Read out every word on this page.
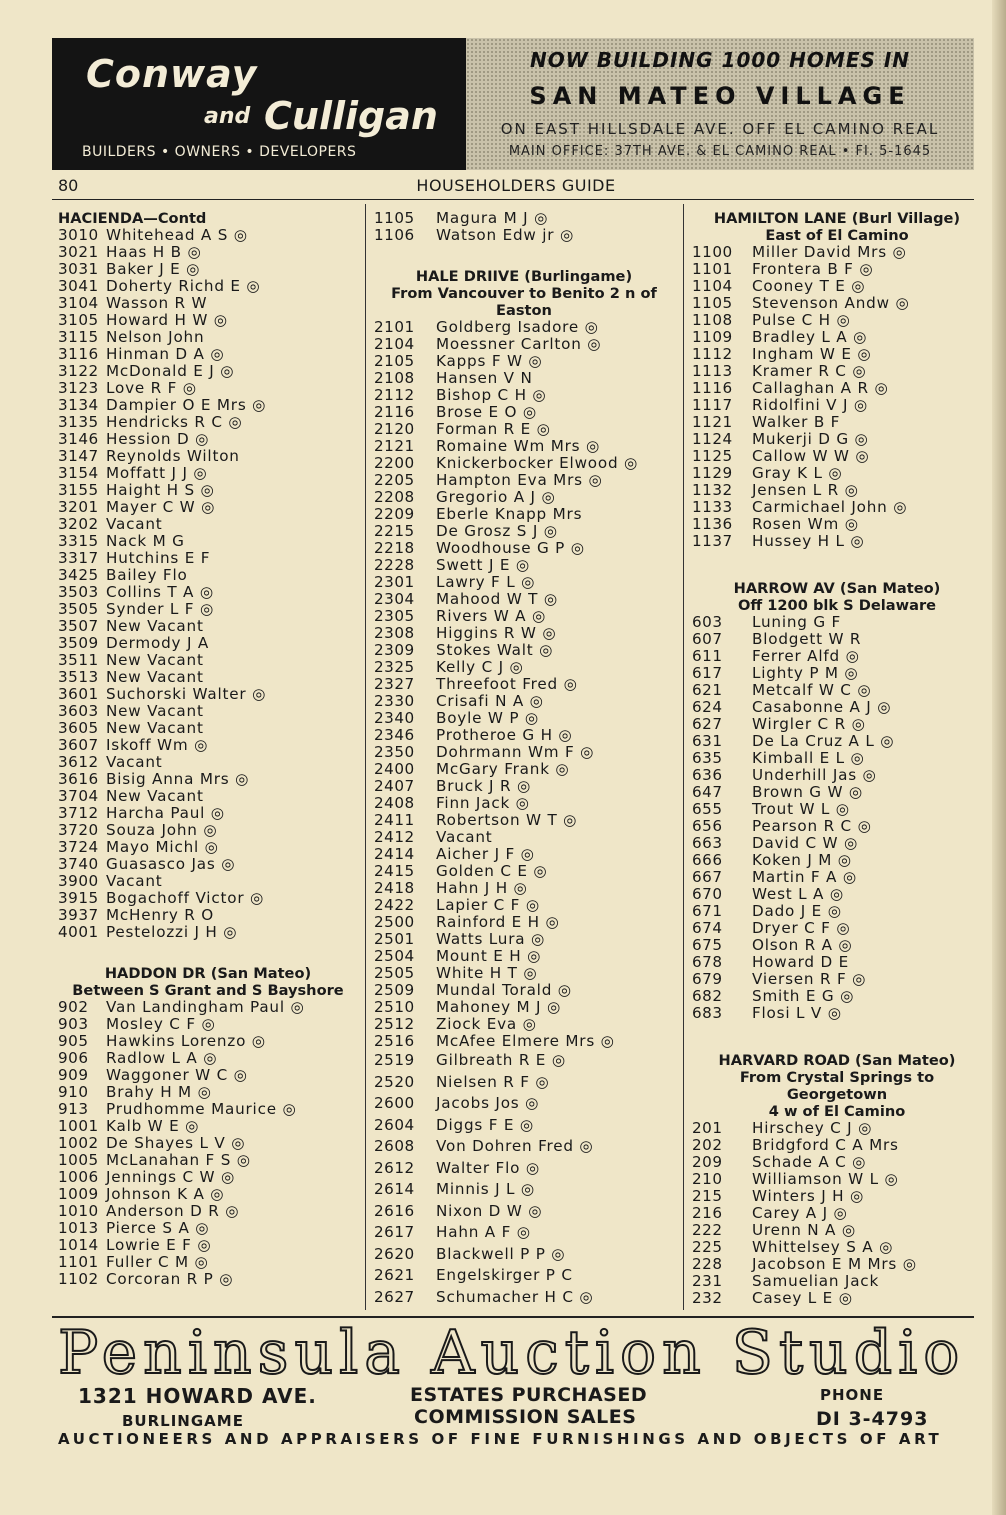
Conway
and Culligan
BUILDERS • OWNERS • DEVELOPERS
NOW BUILDING 1000 HOMES IN
SAN MATEO VILLAGE
ON EAST HILLSDALE AVE. OFF EL CAMINO REAL
MAIN OFFICE: 37TH AVE. & EL CAMINO REAL • FI. 5-1645
80	HOUSEHOLDERS GUIDE
HACIENDA—Contd
3010 Whitehead A S ◎
3021 Haas H B ◎
3031 Baker J E ◎
3041 Doherty Richd E ◎
3104 Wasson R W
3105 Howard H W ◎
3115 Nelson John
3116 Hinman D A ◎
3122 McDonald E J ◎
3123 Love R F ◎
3134 Dampier O E Mrs ◎
3135 Hendricks R C ◎
3146 Hession D ◎
3147 Reynolds Wilton
3154 Moffatt J J ◎
3155 Haight H S ◎
3201 Mayer C W ◎
3202 Vacant
3315 Nack M G
3317 Hutchins E F
3425 Bailey Flo
3503 Collins T A ◎
3505 Synder L F ◎
3507 New Vacant
3509 Dermody J A
3511 New Vacant
3513 New Vacant
3601 Suchorski Walter ◎
3603 New Vacant
3605 New Vacant
3607 Iskoff Wm ◎
3612 Vacant
3616 Bisig Anna Mrs ◎
3704 New Vacant
3712 Harcha Paul ◎
3720 Souza John ◎
3724 Mayo Michl ◎
3740 Guasasco Jas ◎
3900 Vacant
3915 Bogachoff Victor ◎
3937 McHenry R O
4001 Pestelozzi J H ◎
HADDON DR (San Mateo)
Between S Grant and S Bayshore
902	Van Landingham Paul ◎
903	Mosley C F ◎
905	Hawkins Lorenzo ◎
906	Radlow L A ◎
909	Waggoner W C ◎
910	Brahy H M ◎
913	Prudhomme Maurice ◎
1001 Kalb W E ◎
1002 De Shayes L V ◎
1005 McLanahan F S ◎
1006 Jennings C W ◎
1009 Johnson K A ◎
1010 Anderson D R ◎
1013 Pierce S A ◎
1014 Lowrie E F ◎
1101 Fuller C M ◎
1102 Corcoran R P ◎
1105	Magura M J ◎
1106	Watson Edw jr ◎
HALE DRIIVE (Burlingame)
From Vancouver to Benito 2 n of
Easton
2101	Goldberg Isadore ◎
2104	Moessner Carlton ◎
2105	Kapps F W ◎
2108	Hansen V N
2112	Bishop C H ◎
2116	Brose E O ◎
2120	Forman R E ◎
2121	Romaine Wm Mrs ◎
2200	Knickerbocker Elwood ◎
2205	Hampton Eva Mrs ◎
2208	Gregorio A J ◎
2209	Eberle Knapp Mrs
2215	De Grosz S J ◎
2218	Woodhouse G P ◎
2228	Swett J E ◎
2301	Lawry F L ◎
2304	Mahood W T ◎
2305	Rivers W A ◎
2308	Higgins R W ◎
2309	Stokes Walt ◎
2325	Kelly C J ◎
2327	Threefoot Fred ◎
2330	Crisafi N A ◎
2340	Boyle W P ◎
2346	Protheroe G H ◎
2350	Dohrmann Wm F ◎
2400	McGary Frank ◎
2407	Bruck J R ◎
2408	Finn Jack ◎
2411	Robertson W T ◎
2412	Vacant
2414	Aicher J F ◎
2415	Golden C E ◎
2418	Hahn J H ◎
2422	Lapier C F ◎
2500	Rainford E H ◎
2501	Watts Lura ◎
2504	Mount E H ◎
2505	White H T ◎
2509	Mundal Torald ◎
2510	Mahoney M J ◎
2512	Ziock Eva ◎
2516	McAfee Elmere Mrs ◎
2519	Gilbreath R E ◎
2520	Nielsen R F ◎
2600	Jacobs Jos ◎
2604	Diggs F E ◎
2608	Von Dohren Fred ◎
2612	Walter Flo ◎
2614	Minnis J L ◎
2616	Nixon D W ◎
2617	Hahn A F ◎
2620	Blackwell P P ◎
2621	Engelskirger P C
2627	Schumacher H C ◎
HAMILTON LANE (Burl Village)
East of El Camino
1100	Miller David Mrs ◎
1101	Frontera B F ◎
1104	Cooney T E ◎
1105	Stevenson Andw ◎
1108	Pulse C H ◎
1109	Bradley L A ◎
1112	Ingham W E ◎
1113	Kramer R C ◎
1116	Callaghan A R ◎
1117	Ridolfini V J ◎
1121	Walker B F
1124	Mukerji D G ◎
1125	Callow W W ◎
1129	Gray K L ◎
1132	Jensen L R ◎
1133	Carmichael John ◎
1136	Rosen Wm ◎
1137	Hussey H L ◎
HARROW AV (San Mateo)
Off 1200 blk S Delaware
603	Luning G F
607	Blodgett W R
611	Ferrer Alfd ◎
617	Lighty P M ◎
621	Metcalf W C ◎
624	Casabonne A J ◎
627	Wirgler C R ◎
631	De La Cruz A L ◎
635	Kimball E L ◎
636	Underhill Jas ◎
647	Brown G W ◎
655	Trout W L ◎
656	Pearson R C ◎
663	David C W ◎
666	Koken J M ◎
667	Martin F A ◎
670	West L A ◎
671	Dado J E ◎
674	Dryer C F ◎
675	Olson R A ◎
678	Howard D E
679	Viersen R F ◎
682	Smith E G ◎
683	Flosi L V ◎
HARVARD ROAD (San Mateo)
From Crystal Springs to Georgetown
4 w of El Camino
201	Hirschey C J ◎
202	Bridgford C A Mrs
209	Schade A C ◎
210	Williamson W L ◎
215	Winters J H ◎
216	Carey A J ◎
222	Urenn N A ◎
225	Whittelsey S A ◎
228	Jacobson E M Mrs ◎
231	Samuelian Jack
232	Casey L E ◎
Peninsula Auction Studio
1321 HOWARD AVE.
BURLINGAME
ESTATES PURCHASED
COMMISSION SALES
PHONE
DI 3-4793
AUCTIONEERS AND APPRAISERS OF FINE FURNISHINGS AND OBJECTS OF ART
